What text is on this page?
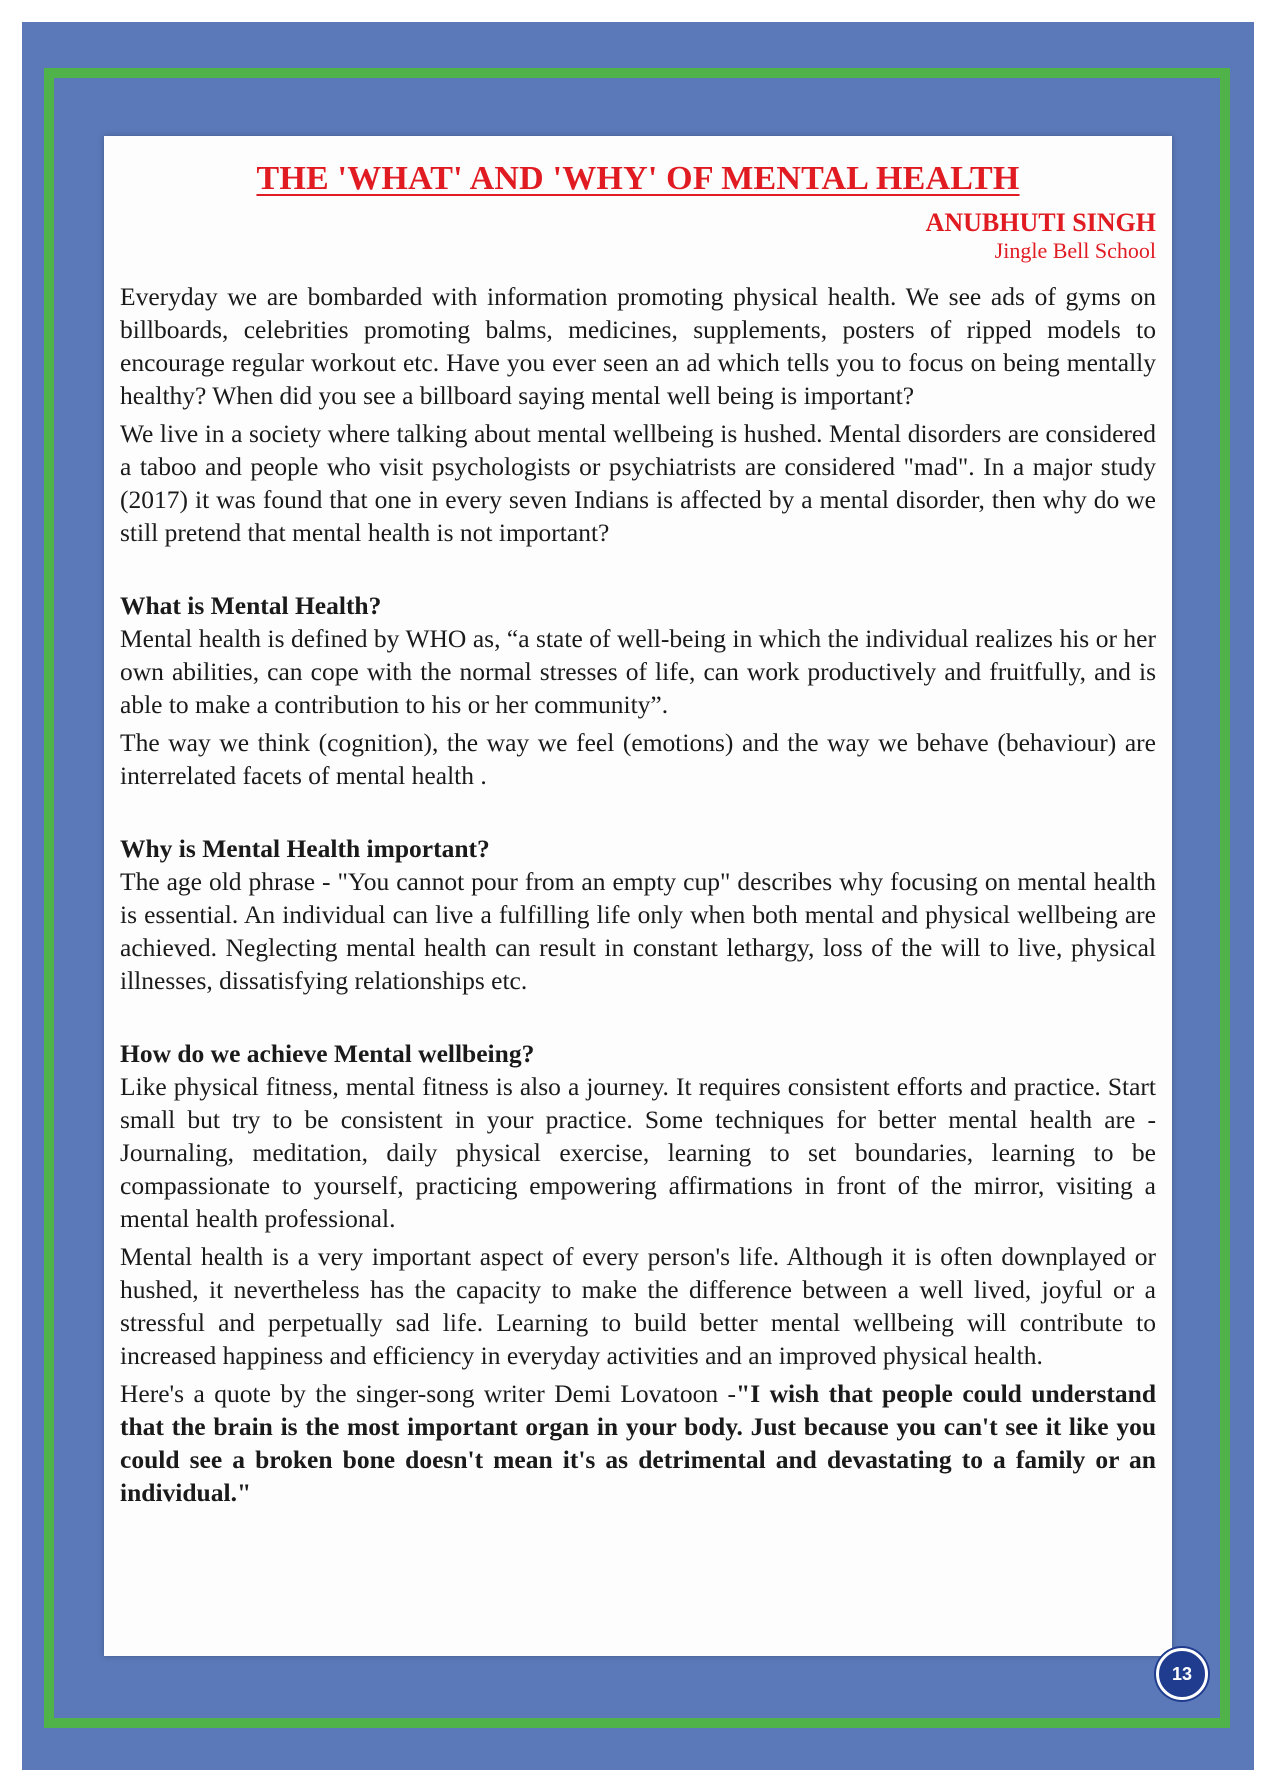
THE 'WHAT' AND 'WHY' OF MENTAL HEALTH

ANUBHUTI SINGH

Jingle Bell School

Everyday we are bombarded with information promoting physical health. We see ads of gyms on billboards, celebrities promoting balms, medicines, supplements, posters of ripped models to encourage regular workout etc. Have you ever seen an ad which tells you to focus on being mentally healthy? When did you see a billboard saying mental well being is important?

We live in a society where talking about mental wellbeing is hushed. Mental disorders are considered a taboo and people who visit psychologists or psychiatrists are considered "mad". In a major study (2017) it was found that one in every seven Indians is affected by a mental disorder, then why do we still pretend that mental health is not important?

What is Mental Health?

Mental health is defined by WHO as, “a state of well-being in which the individual realizes his or her own abilities, can cope with the normal stresses of life, can work productively and fruitfully, and is able to make a contribution to his or her community”.

The way we think (cognition), the way we feel (emotions) and the way we behave (behaviour) are interrelated facets of mental health .

Why is Mental Health important?

The age old phrase - "You cannot pour from an empty cup" describes why focusing on mental health is essential. An individual can live a fulfilling life only when both mental and physical wellbeing are achieved. Neglecting mental health can result in constant lethargy, loss of the will to live, physical illnesses, dissatisfying relationships etc.

How do we achieve Mental wellbeing?

Like physical fitness, mental fitness is also a journey. It requires consistent efforts and practice. Start small but try to be consistent in your practice. Some techniques for better mental health are - Journaling, meditation, daily physical exercise, learning to set boundaries, learning to be compassionate to yourself, practicing empowering affirmations in front of the mirror, visiting a mental health professional.

Mental health is a very important aspect of every person's life. Although it is often downplayed or hushed, it nevertheless has the capacity to make the difference between a well lived, joyful or a stressful and perpetually sad life. Learning to build better mental wellbeing will contribute to increased happiness and efficiency in everyday activities and an improved physical health.

Here's a quote by the singer-song writer Demi Lovatoon -"I wish that people could understand that the brain is the most important organ in your body. Just because you can't see it like you could see a broken bone doesn't mean it's as detrimental and devastating to a family or an individual."

13
